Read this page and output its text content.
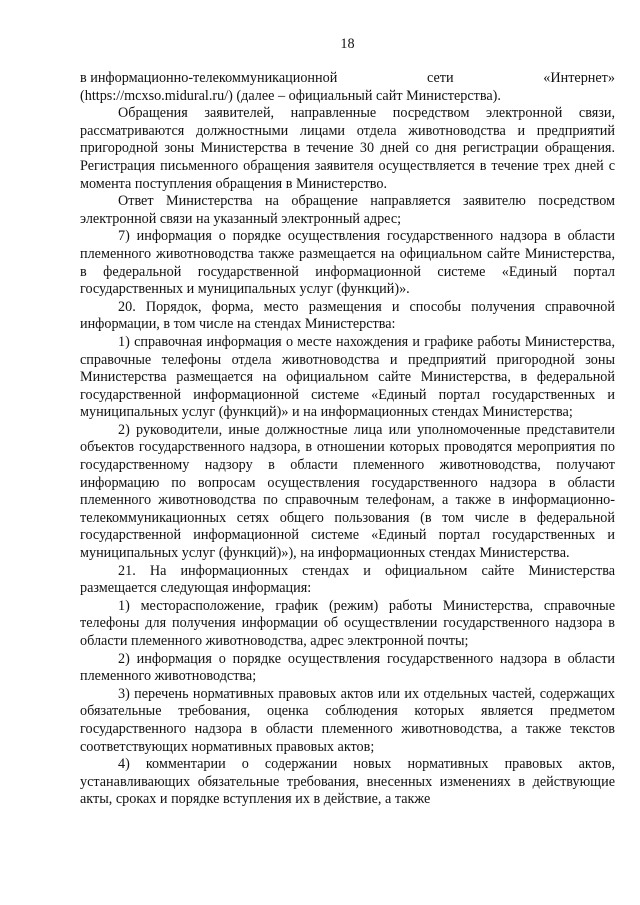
18
в информационно-телекоммуникационной	сети	«Интернет»
(https://mcxso.midural.ru/) (далее – официальный сайт Министерства).

Обращения заявителей, направленные посредством электронной связи, рассматриваются должностными лицами отдела животноводства и предприятий пригородной зоны Министерства в течение 30 дней со дня регистрации обращения. Регистрация письменного обращения заявителя осуществляется в течение трех дней с момента поступления обращения в Министерство.

Ответ Министерства на обращение направляется заявителю посредством электронной связи на указанный электронный адрес;

7) информация о порядке осуществления государственного надзора в области племенного животноводства также размещается на официальном сайте Министерства, в федеральной государственной информационной системе «Единый портал государственных и муниципальных услуг (функций)».

20. Порядок, форма, место размещения и способы получения справочной информации, в том числе на стендах Министерства:

1) справочная информация о месте нахождения и графике работы Министерства, справочные телефоны отдела животноводства и предприятий пригородной зоны Министерства размещается на официальном сайте Министерства, в федеральной государственной информационной системе «Единый портал государственных и муниципальных услуг (функций)» и на информационных стендах Министерства;

2) руководители, иные должностные лица или уполномоченные представители объектов государственного надзора, в отношении которых проводятся мероприятия по государственному надзору в области племенного животноводства, получают информацию по вопросам осуществления государственного надзора в области племенного животноводства по справочным телефонам, а также в информационно-телекоммуникационных сетях общего пользования (в том числе в федеральной государственной информационной системе «Единый портал государственных и муниципальных услуг (функций)»), на информационных стендах Министерства.

21. На информационных стендах и официальном сайте Министерства размещается следующая информация:

1) месторасположение, график (режим) работы Министерства, справочные телефоны для получения информации об осуществлении государственного надзора в области племенного животноводства, адрес электронной почты;

2) информация о порядке осуществления государственного надзора в области племенного животноводства;

3) перечень нормативных правовых актов или их отдельных частей, содержащих обязательные требования, оценка соблюдения которых является предметом государственного надзора в области племенного животноводства, а также текстов соответствующих нормативных правовых актов;

4) комментарии о содержании новых нормативных правовых актов, устанавливающих обязательные требования, внесенных изменениях в действующие акты, сроках и порядке вступления их в действие, а также
